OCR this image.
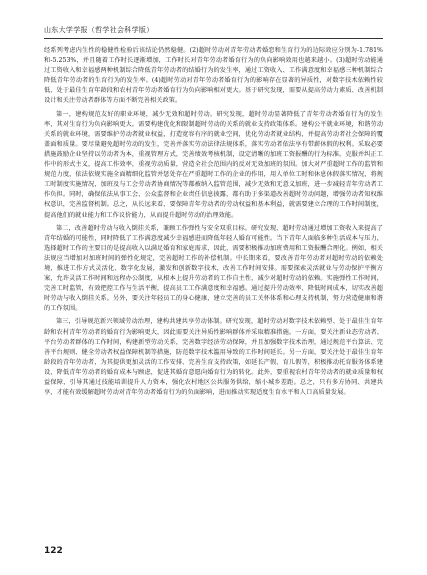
山东大学学报（哲学社会科学版）

经系列考虑内生性的稳健性检验后该结论仍然稳健。(2)超时劳动对青年劳动者婚恋和生育行为的边际效应分别为-1.781%和-5.253%，并且随着工作时长逐渐增加，工作时长对青年劳动者婚育行为的负向影响效用也越来越小。(3)超时劳动能通过工资收入和幸福感两种机制综合降低青年劳动者的结婚行为的发生率，通过工资收入、工作满意度和幸福感三种机制综合降低青年劳动者的生育行为的发生率。(4)超时劳动对青年劳动者婚育行为的影响存在显著的异质性，对数字技术依赖性较低、处于最佳生育年龄段和农村青年劳动者婚育行为负向影响相对更大。基于研究发现，需要从提高劳动力素质、改善机制设计和关注劳动者群体等方面不断完善相关政策。

第一，建构规范友好的职业环境，减少无效和超时劳动。研究发现，超时劳动显著降低了青年劳动者婚育行为的发生率，其对生育行为负向影响更大。需要构建优化和限制超时劳动的关系的就业支持政策体系。建构公平就业环境，和谐劳动关系的就业环境，需要维护劳动者就业权益，打造宽容有序的就业空间，优化劳动者就业结构，并提高劳动者社会保障的覆盖面和质量。要尽量避免超时劳动的发生，完善并落实劳动法律法规体系，落实劳动者依法享有带薪休假的权利。采取必要措施鼓励企业坚持以劳动者为本，重视管理方式，完善绩效考核机制，设定清晰的加班工资报酬的行为标准。克服并纠正工作中的形式主义，提高工作效率，重视劳动质量，营造全社会范围内的反对无效加班的氛围。加大对严重超时工作的监管和规范力度，依法依规实施全面精细化监管并惩处存在严重超时工作的企业的作用，用人单位工时和休息休假落实情况，将规工时制度实施情况，加班及与工会劳动者协商情况等都被纳入监管范围，减少无效和无意义加班，进一步减轻青年劳动者工作负担。同时，确保依法从事工会、公众监督和企业责任信息披露，都有助于多渠道改善超时劳动问题，增强劳动者知权维权意识，完善监督机制。总之，从长远来看，要保障青年劳动者的劳动权益和基本利益，就需要建立合理的工作时间制度，提高他们的就业能力和工作议价能力，从而提升超时劳动的治理效能。

第二，改善超时劳动与收入倒挂关系，兼顾工作弹性与安全双重目标。研究发现，超时劳动通过增加工资收入来提高了青年结婚的可能性，同时降低了工作满意度减少幸福感进而降低年轻人婚育可能性。当下青年人面临多种生活成本与压力，选择超时工作的主要目的是提高收入以满足婚育和家庭需求，因此，需要积极推动加班费用和工资报酬合理化。例如，相关法规应当增加对加班时间的弹性化规定，完善超时工作的补偿机制。中长期来看，要改善青年劳动者对超时劳动的依赖处境，推进工作方式灵活化、数字化发展，激发和创新数字技术，改善工作时间安排。需要探索灵活就业与劳动保护平衡方案，允许灵活工作时间和远程办公制度，从根本上提升劳动者的工作自主性，减少对超时劳动的依赖。实施弹性工作时间，完善工时监管，有效把控工作与生活平衡，提高员工工作满意度和幸福感。通过提升劳动效率、降低时间成本，切实改善超时劳动与收入倒挂关系。另外，要关注年轻员工的身心健康，建立完善的员工关怀体系和心理支持机制，努力营造健康和谐的工作氛围。

第三，引导规范新兴领域劳动治理，建构共建共享劳动体制。研究发现，超时劳动对数字技术依赖型、处于最佳生育年龄和农村青年劳动者的婚育行为影响更大，因此需要关注异质性影响群体并采取精准措施。一方面，要关注新业态劳动者、平台劳动者群体的工作时间，构建新型劳动关系，完善数字经济劳动保障，并且加强数字技术治理，通过规范平台算法、完善平台规则、健全劳动者权益保障机制等措施，防范数字技术滥用导致的工作时间延长。另一方面，要关注处于最佳生育年龄段的青年劳动者，为其提供更加灵活的工作安排、完善生育支持政策，如延长产假、育儿假等，积极推动托育服务体系建设，降低青年劳动者的婚育成本与顾虑，促进其婚育意愿向婚育行为的转化。此外，要重视农村青年劳动者的就业质量和权益保障，引导其通过技能培训提升人力资本，强化农村地区公共服务供给，缩小城乡差距。总之，只有多方协同、共建共享，才能有效缓解超时劳动对青年劳动者婚育行为的负面影响，进而推动实现适度生育水平和人口高质量发展。

122
